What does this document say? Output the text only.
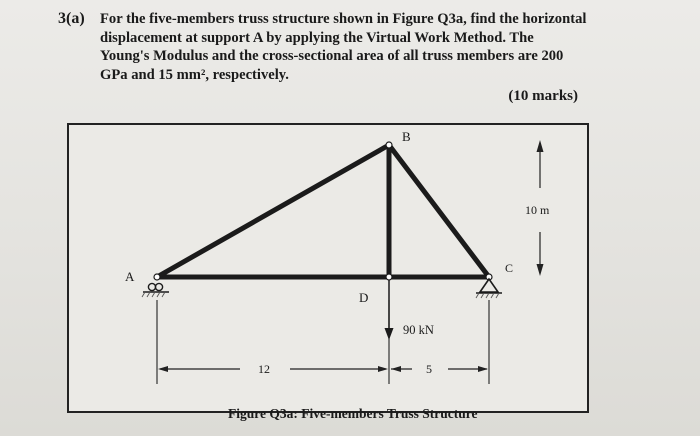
3(a) For the five-members truss structure shown in Figure Q3a, find the horizontal
displacement at support A by applying the Virtual Work Method. The
Young's Modulus and the cross-sectional area of all truss members are 200
GPa and 15 mm², respectively.
(10 marks)
12	5
10 m
90 kN
A
B
C
D
Figure Q3a: Five-members Truss Structure
